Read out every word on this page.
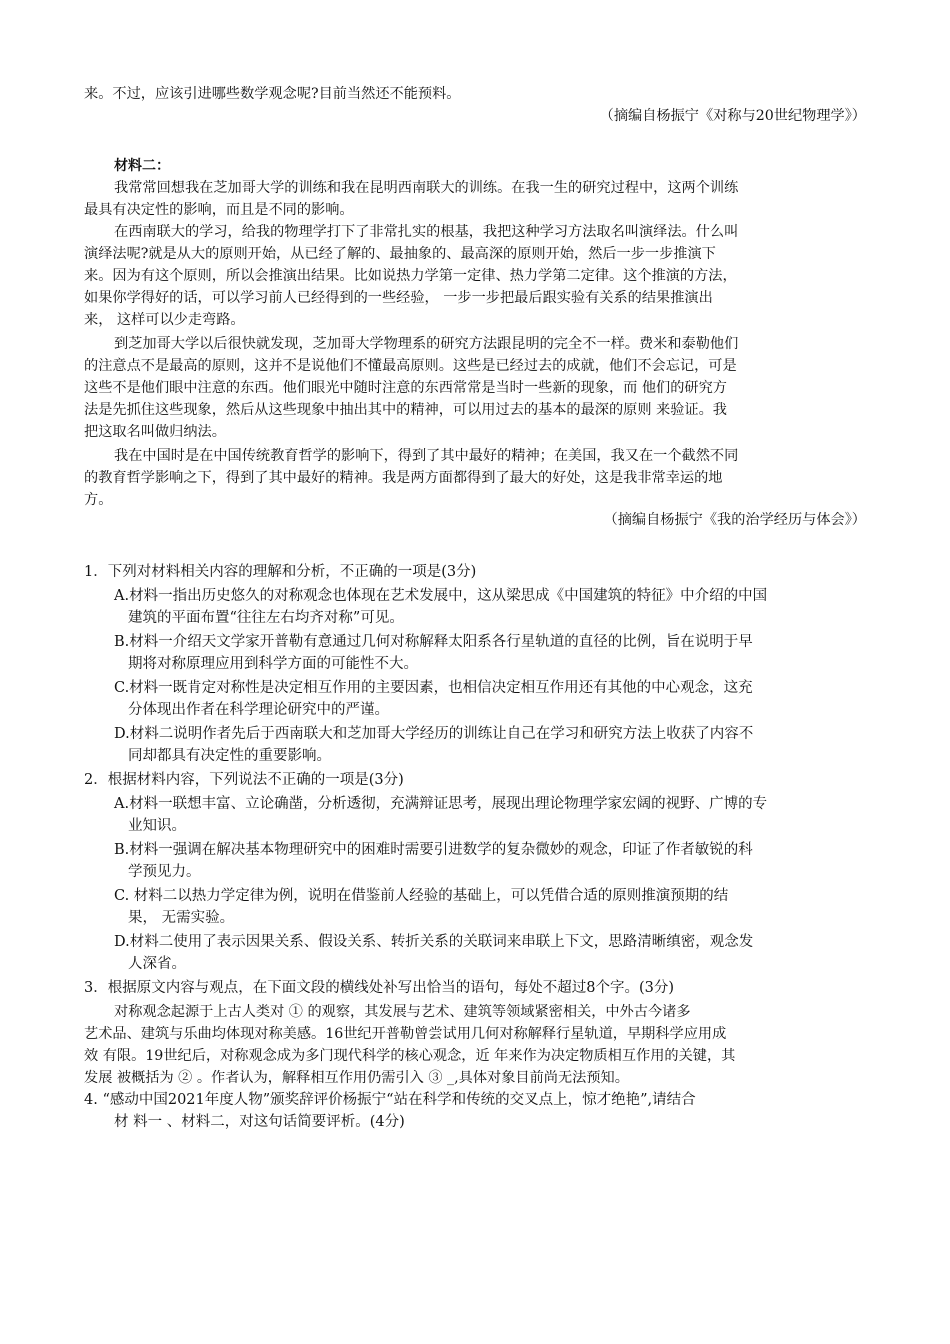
来。不过，应该引进哪些数学观念呢?目前当然还不能预料。
（摘编自杨振宁《对称与20世纪物理学》）
材料二：
我常常回想我在芝加哥大学的训练和我在昆明西南联大的训练。在我一生的研究过程中，这两个训练
最具有决定性的影响，而且是不同的影响。
在西南联大的学习，给我的物理学打下了非常扎实的根基，我把这种学习方法取名叫演绎法。什么叫
演绎法呢?就是从大的原则开始，从已经了解的、最抽象的、最高深的原则开始，然后一步一步推演下
来。因为有这个原则，所以会推演出结果。比如说热力学第一定律、热力学第二定律。这个推演的方法，
如果你学得好的话，可以学习前人已经得到的一些经验， 一步一步把最后跟实验有关系的结果推演出
来， 这样可以少走弯路。
到芝加哥大学以后很快就发现，芝加哥大学物理系的研究方法跟昆明的完全不一样。费米和泰勒他们
的注意点不是最高的原则，这并不是说他们不懂最高原则。这些是已经过去的成就，他们不会忘记，可是
这些不是他们眼中注意的东西。他们眼光中随时注意的东西常常是当时一些新的现象，而 他们的研究方
法是先抓住这些现象，然后从这些现象中抽出其中的精神，可以用过去的基本的最深的原则 来验证。我
把这取名叫做归纳法。
我在中国时是在中国传统教育哲学的影响下，得到了其中最好的精神；在美国，我又在一个截然不同
的教育哲学影响之下，得到了其中最好的精神。我是两方面都得到了最大的好处，这是我非常幸运的地
方。
（摘编自杨振宁《我的治学经历与体会》）
1．下列对材料相关内容的理解和分析，不正确的一项是(3分)
A.材料一指出历史悠久的对称观念也体现在艺术发展中，这从梁思成《中国建筑的特征》中介绍的中国
建筑的平面布置“往往左右均齐对称”可见。
B.材料一介绍天文学家开普勒有意通过几何对称解释太阳系各行星轨道的直径的比例，旨在说明于早
期将对称原理应用到科学方面的可能性不大。
C.材料一既肯定对称性是决定相互作用的主要因素，也相信决定相互作用还有其他的中心观念，这充
分体现出作者在科学理论研究中的严谨。
D.材料二说明作者先后于西南联大和芝加哥大学经历的训练让自己在学习和研究方法上收获了内容不
同却都具有决定性的重要影响。
2．根据材料内容，下列说法不正确的一项是(3分)
A.材料一联想丰富、立论确凿，分析透彻，充满辩证思考，展现出理论物理学家宏阔的视野、广博的专
业知识。
B.材料一强调在解决基本物理研究中的困难时需要引进数学的复杂微妙的观念，印证了作者敏锐的科
学预见力。
C. 材料二以热力学定律为例，说明在借鉴前人经验的基础上，可以凭借合适的原则推演预期的结
果， 无需实验。
D.材料二使用了表示因果关系、假设关系、转折关系的关联词来串联上下文，思路清晰缜密，观念发
人深省。
3．根据原文内容与观点，在下面文段的横线处补写出恰当的语句，每处不超过8个字。(3分)
对称观念起源于上古人类对 ① 的观察，其发展与艺术、建筑等领域紧密相关，中外古今诸多
艺术品、建筑与乐曲均体现对称美感。16世纪开普勒曾尝试用几何对称解释行星轨道，早期科学应用成
效 有限。19世纪后，对称观念成为多门现代科学的核心观念，近 年来作为决定物质相互作用的关键，其
发展 被概括为 ② 。作者认为，解释相互作用仍需引入 ③ _,具体对象目前尚无法预知。
4. “感动中国2021年度人物”颁奖辞评价杨振宁“站在科学和传统的交叉点上，惊才绝艳”,请结合
材 料一 、材料二，对这句话简要评析。(4分)
